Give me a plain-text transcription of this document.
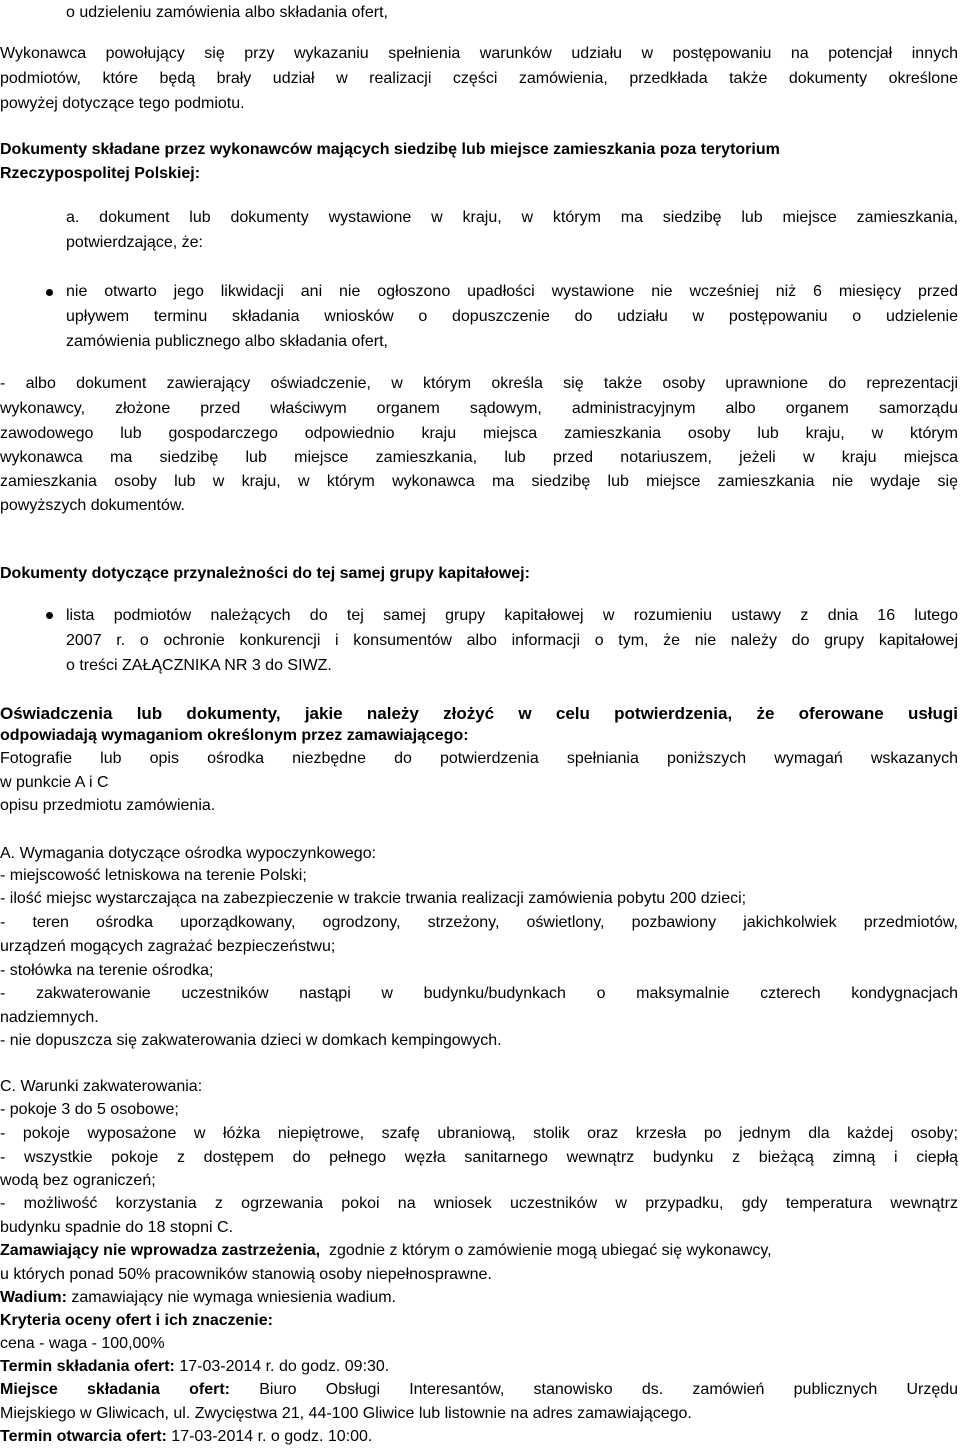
o udzieleniu zamówienia albo składania ofert,
Wykonawca powołujący się przy wykazaniu spełnienia warunków udziału w postępowaniu na potencjał innych
podmiotów, które będą brały udział w realizacji części zamówienia, przedkłada także dokumenty określone
powyżej dotyczące tego podmiotu.
Dokumenty składane przez wykonawców mających siedzibę lub miejsce zamieszkania poza terytorium
Rzeczypospolitej Polskiej:
a. dokument lub dokumenty wystawione w kraju, w którym ma siedzibę lub miejsce zamieszkania,
potwierdzające, że:
nie otwarto jego likwidacji ani nie ogłoszono upadłości wystawione nie wcześniej niż 6 miesięcy przed
upływem terminu składania wniosków o dopuszczenie do udziału w postępowaniu o udzielenie
zamówienia publicznego albo składania ofert,
- albo dokument zawierający oświadczenie, w którym określa się także osoby uprawnione do reprezentacji
wykonawcy, złożone przed właściwym organem sądowym, administracyjnym albo organem samorządu
zawodowego lub gospodarczego odpowiednio kraju miejsca zamieszkania osoby lub kraju, w którym
wykonawca ma siedzibę lub miejsce zamieszkania, lub przed notariuszem, jeżeli w kraju miejsca
zamieszkania osoby lub w kraju, w którym wykonawca ma siedzibę lub miejsce zamieszkania nie wydaje się
powyższych dokumentów.
Dokumenty dotyczące przynależności do tej samej grupy kapitałowej:
lista podmiotów należących do tej samej grupy kapitałowej w rozumieniu ustawy z dnia 16 lutego
2007 r. o ochronie konkurencji i konsumentów albo informacji o tym, że nie należy do grupy kapitałowej
o treści ZAŁĄCZNIKA NR 3 do SIWZ.
Oświadczenia lub dokumenty, jakie należy złożyć w celu potwierdzenia, że oferowane usługi
odpowiadają wymaganiom określonym przez zamawiającego:
Fotografie lub opis ośrodka niezbędne do potwierdzenia spełniania poniższych wymagań wskazanych
w punkcie A i C
opisu przedmiotu zamówienia.
A. Wymagania dotyczące ośrodka wypoczynkowego:
- miejscowość letniskowa na terenie Polski;
- ilość miejsc wystarczająca na zabezpieczenie w trakcie trwania realizacji zamówienia pobytu 200 dzieci;
- teren ośrodka uporządkowany, ogrodzony, strzeżony, oświetlony, pozbawiony jakichkolwiek przedmiotów,
urządzeń mogących zagrażać bezpieczeństwu;
- stołówka na terenie ośrodka;
- zakwaterowanie uczestników nastąpi w budynku/budynkach o maksymalnie czterech kondygnacjach
nadziemnych.
- nie dopuszcza się zakwaterowania dzieci w domkach kempingowych.
C. Warunki zakwaterowania:
- pokoje 3 do 5 osobowe;
- pokoje wyposażone w łóżka niepiętrowe, szafę ubraniową, stolik oraz krzesła po jednym dla każdej osoby;
- wszystkie pokoje z dostępem do pełnego węzła sanitarnego wewnątrz budynku z bieżącą zimną i ciepłą
wodą bez ograniczeń;
- możliwość korzystania z ogrzewania pokoi na wniosek uczestników w przypadku, gdy temperatura wewnątrz
budynku spadnie do 18 stopni C.
Zamawiający nie wprowadza zastrzeżenia, zgodnie z którym o zamówienie mogą ubiegać się wykonawcy,
u których ponad 50% pracowników stanowią osoby niepełnosprawne.
Wadium: zamawiający nie wymaga wniesienia wadium.
Kryteria oceny ofert i ich znaczenie:
cena - waga - 100,00%
Termin składania ofert: 17-03-2014 r. do godz. 09:30.
Miejsce składania ofert: Biuro Obsługi Interesantów, stanowisko ds. zamówień publicznych Urzędu
Miejskiego w Gliwicach, ul. Zwycięstwa 21, 44-100 Gliwice lub listownie na adres zamawiającego.
Termin otwarcia ofert: 17-03-2014 r. o godz. 10:00.
